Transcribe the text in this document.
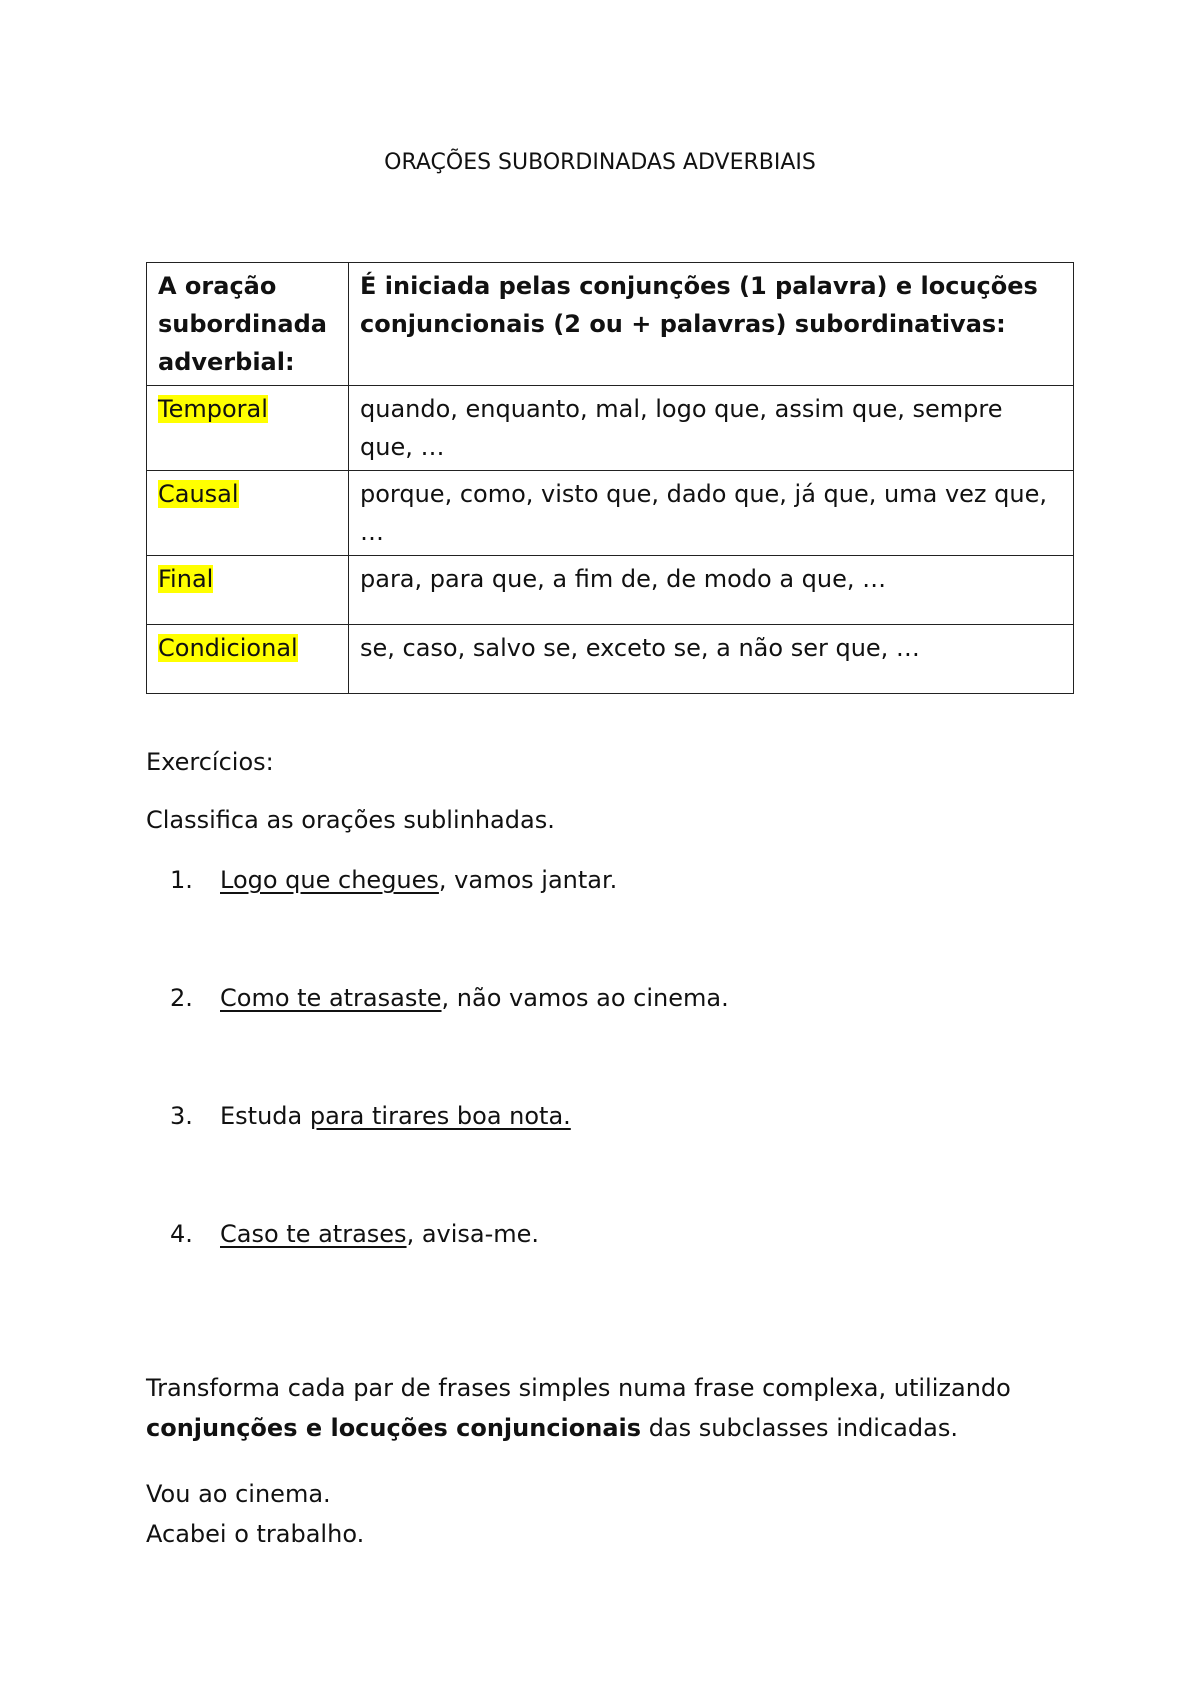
ORAÇÕES SUBORDINADAS ADVERBIAIS
A oração subordinada adverbial:	É iniciada pelas conjunções (1 palavra) e locuções conjuncionais (2 ou + palavras) subordinativas:
Temporal	quando, enquanto, mal, logo que, assim que, sempre que, …
Causal	porque, como, visto que, dado que, já que, uma vez que, …
Final	para, para que, a fim de, de modo a que, …
Condicional	se, caso, salvo se, exceto se, a não ser que, …
Exercícios:
Classifica as orações sublinhadas.
1. Logo que chegues, vamos jantar.
2. Como te atrasaste, não vamos ao cinema.
3. Estuda para tirares boa nota.
4. Caso te atrases, avisa-me.
Transforma cada par de frases simples numa frase complexa, utilizando conjunções e locuções conjuncionais das subclasses indicadas.
Vou ao cinema.
Acabei o trabalho.
